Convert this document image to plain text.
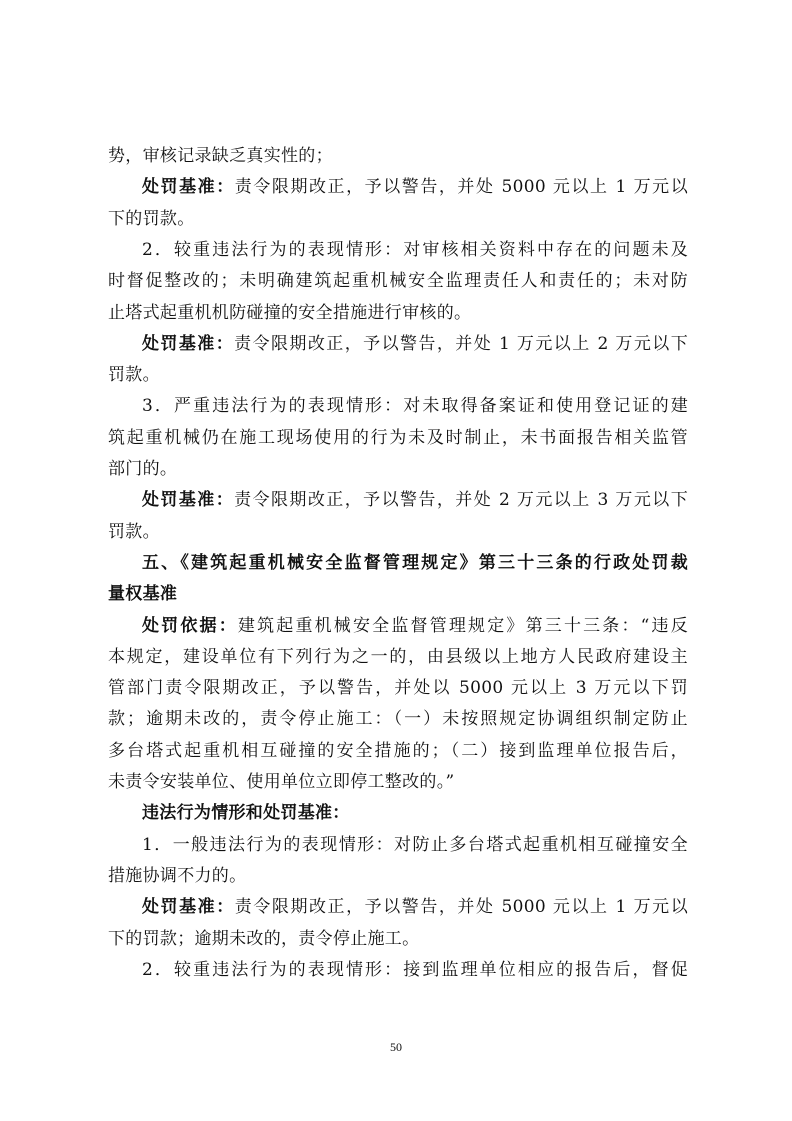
势，审核记录缺乏真实性的；
处罚基准：责令限期改正，予以警告，并处 5000 元以上 1 万元以
下的罚款。
2．较重违法行为的表现情形：对审核相关资料中存在的问题未及
时督促整改的；未明确建筑起重机械安全监理责任人和责任的；未对防
止塔式起重机机防碰撞的安全措施进行审核的。
处罚基准：责令限期改正，予以警告，并处 1 万元以上 2 万元以下
罚款。
3．严重违法行为的表现情形：对未取得备案证和使用登记证的建
筑起重机械仍在施工现场使用的行为未及时制止，未书面报告相关监管
部门的。
处罚基准：责令限期改正，予以警告，并处 2 万元以上 3 万元以下
罚款。
五、《建筑起重机械安全监督管理规定》第三十三条的行政处罚裁
量权基准
处罚依据：建筑起重机械安全监督管理规定》第三十三条：“违反
本规定，建设单位有下列行为之一的，由县级以上地方人民政府建设主
管部门责令限期改正，予以警告，并处以 5000 元以上 3 万元以下罚
款；逾期未改的，责令停止施工：（一）未按照规定协调组织制定防止
多台塔式起重机相互碰撞的安全措施的；（二）接到监理单位报告后，
未责令安装单位、使用单位立即停工整改的。”
违法行为情形和处罚基准：
1．一般违法行为的表现情形：对防止多台塔式起重机相互碰撞安全
措施协调不力的。
处罚基准：责令限期改正，予以警告，并处 5000 元以上 1 万元以
下的罚款；逾期未改的，责令停止施工。
2．较重违法行为的表现情形：接到监理单位相应的报告后，督促
50
